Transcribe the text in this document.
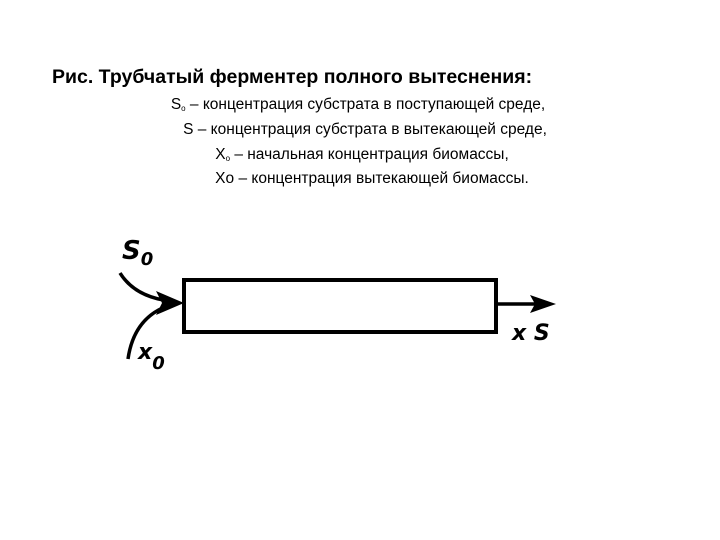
Рис. Трубчатый ферментер полного вытеснения:
$S_о$ – концентрация субстрата в поступающей среде,
S – концентрация субстрата в вытекающей среде,
$X_о$ – начальная концентрация биомассы,
Xo – концентрация вытекающей биомассы.
$S_0$
$x_0$
x S
